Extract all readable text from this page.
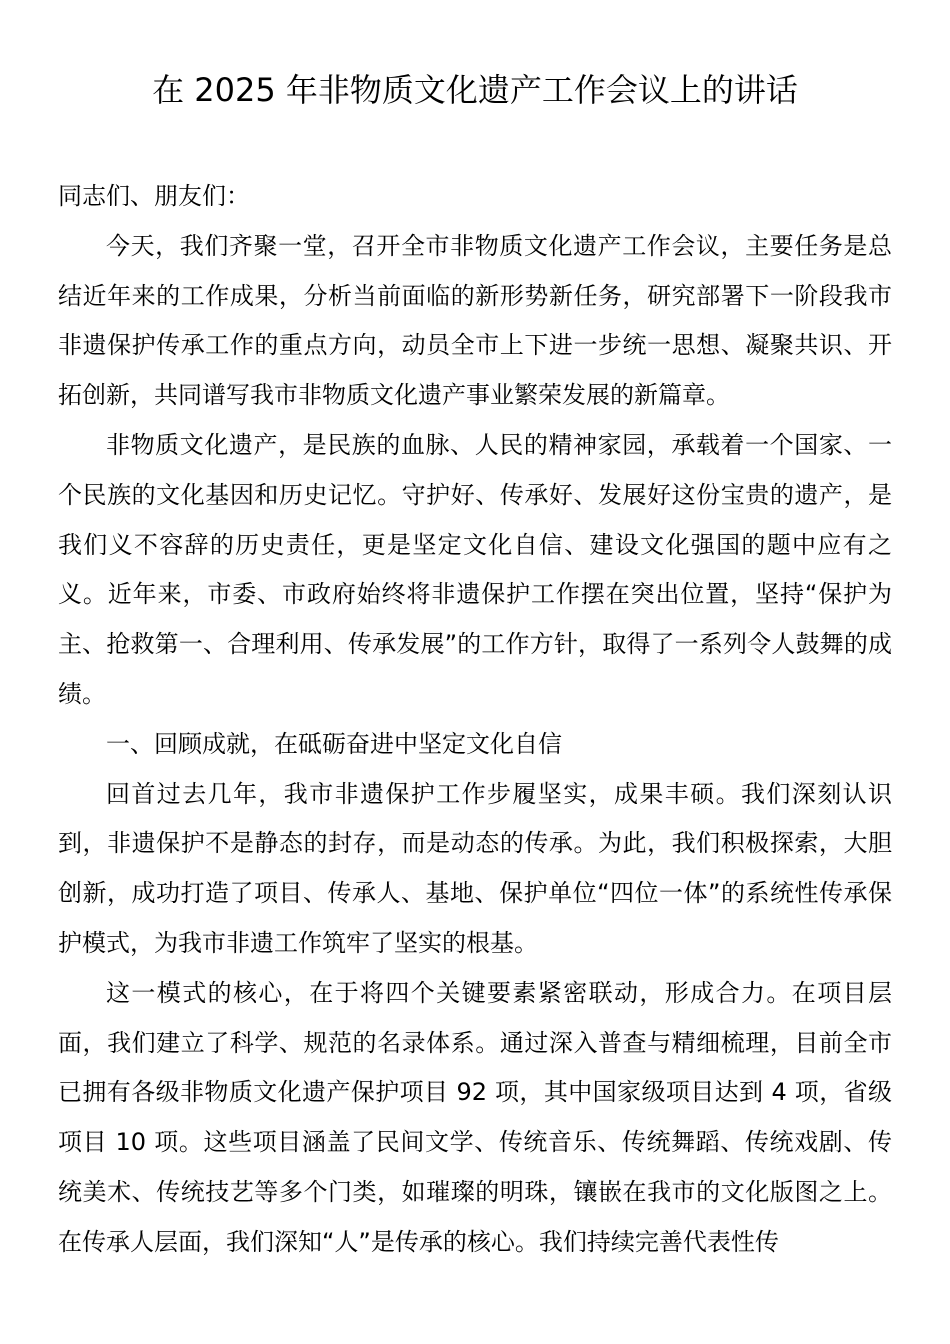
在 2025 年非物质文化遗产工作会议上的讲话

同志们、朋友们：

今天，我们齐聚一堂，召开全市非物质文化遗产工作会议，主要任务是总结近年来的工作成果，分析当前面临的新形势新任务，研究部署下一阶段我市非遗保护传承工作的重点方向，动员全市上下进一步统一思想、凝聚共识、开拓创新，共同谱写我市非物质文化遗产事业繁荣发展的新篇章。

非物质文化遗产，是民族的血脉、人民的精神家园，承载着一个国家、一个民族的文化基因和历史记忆。守护好、传承好、发展好这份宝贵的遗产，是我们义不容辞的历史责任，更是坚定文化自信、建设文化强国的题中应有之义。近年来，市委、市政府始终将非遗保护工作摆在突出位置，坚持“保护为主、抢救第一、合理利用、传承发展”的工作方针，取得了一系列令人鼓舞的成绩。

一、回顾成就，在砥砺奋进中坚定文化自信

回首过去几年，我市非遗保护工作步履坚实，成果丰硕。我们深刻认识到，非遗保护不是静态的封存，而是动态的传承。为此，我们积极探索，大胆创新，成功打造了项目、传承人、基地、保护单位“四位一体”的系统性传承保护模式，为我市非遗工作筑牢了坚实的根基。

这一模式的核心，在于将四个关键要素紧密联动，形成合力。在项目层面，我们建立了科学、规范的名录体系。通过深入普查与精细梳理，目前全市已拥有各级非物质文化遗产保护项目 92 项，其中国家级项目达到 4 项，省级项目 10 项。这些项目涵盖了民间文学、传统音乐、传统舞蹈、传统戏剧、传统美术、传统技艺等多个门类，如璀璨的明珠，镶嵌在我市的文化版图之上。在传承人层面，我们深知“人”是传承的核心。我们持续完善代表性传
